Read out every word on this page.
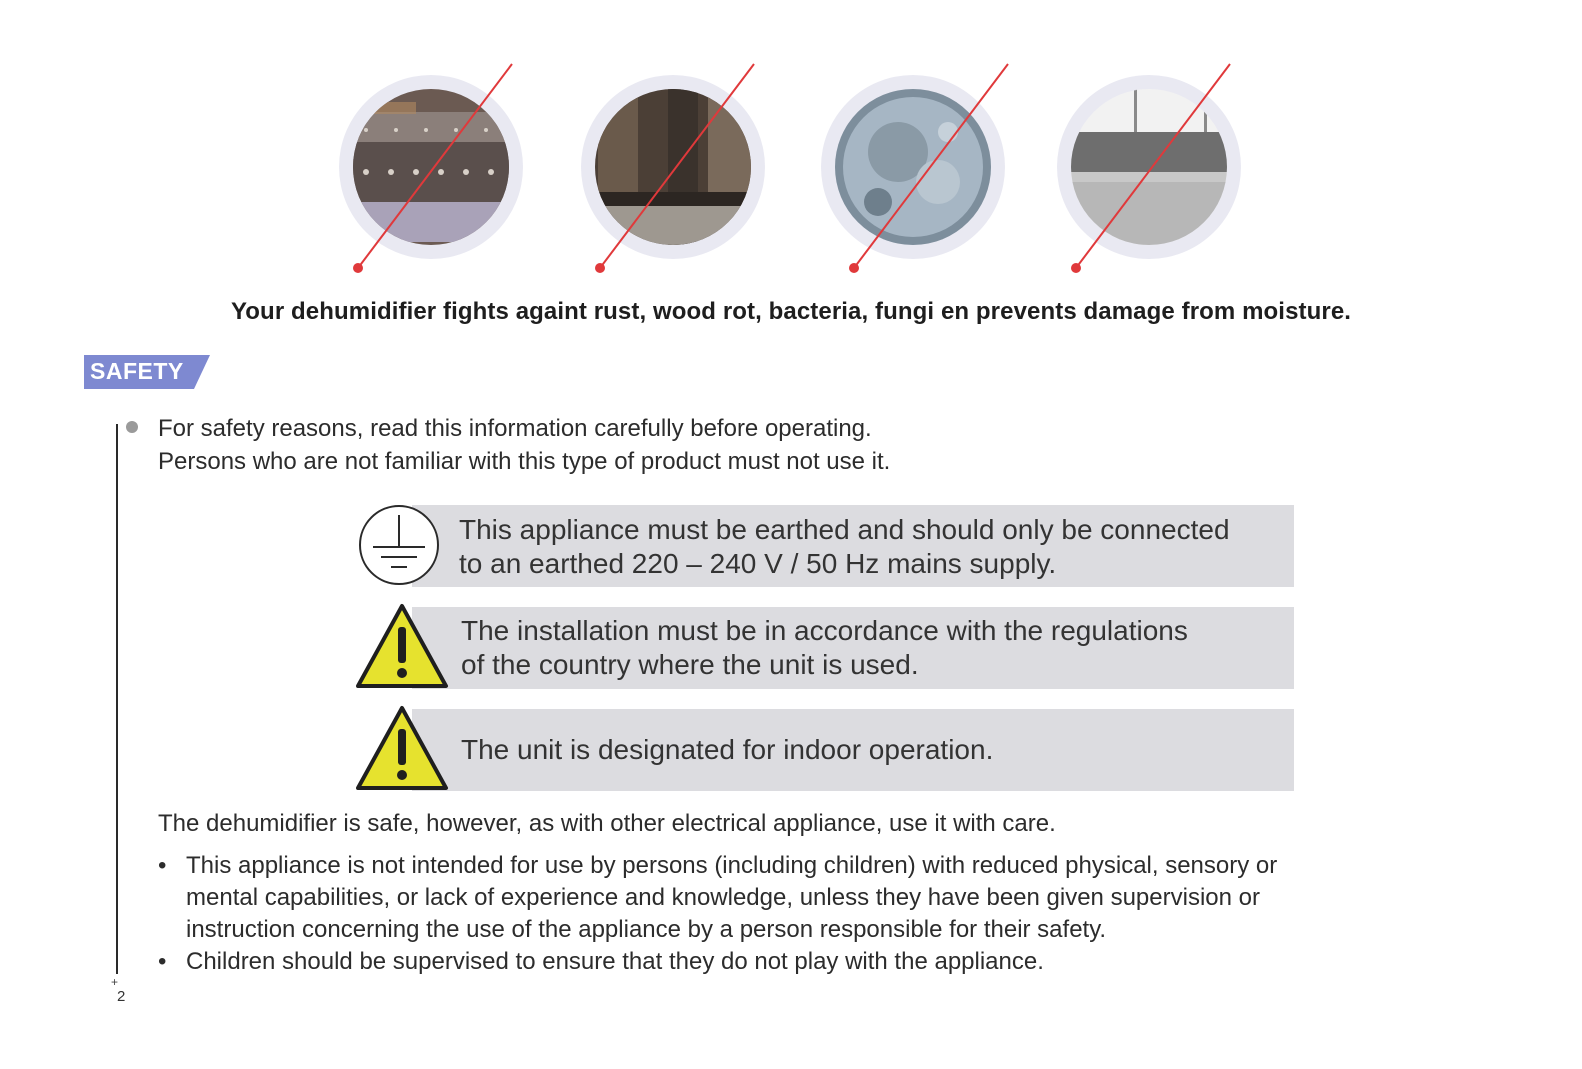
Your dehumidifier fights againt rust, wood rot, bacteria, fungi en prevents damage from moisture.
SAFETY
+
2
For safety reasons, read this information carefully before operating.
Persons who are not familiar with this type of product must not use it.
This appliance must be earthed and should only be connected
to an earthed 220 – 240 V / 50 Hz mains supply.
The installation must be in accordance with the regulations
of the country where the unit is used.
The unit is designated for indoor operation.
The dehumidifier is safe, however, as with other electrical appliance, use it with care.
• This appliance is not intended for use by persons (including children) with reduced physical, sensory or
mental capabilities, or lack of experience and knowledge, unless they have been given supervision or
instruction concerning the use of the appliance by a person responsible for their safety.
• Children should be supervised to ensure that they do not play with the appliance.
